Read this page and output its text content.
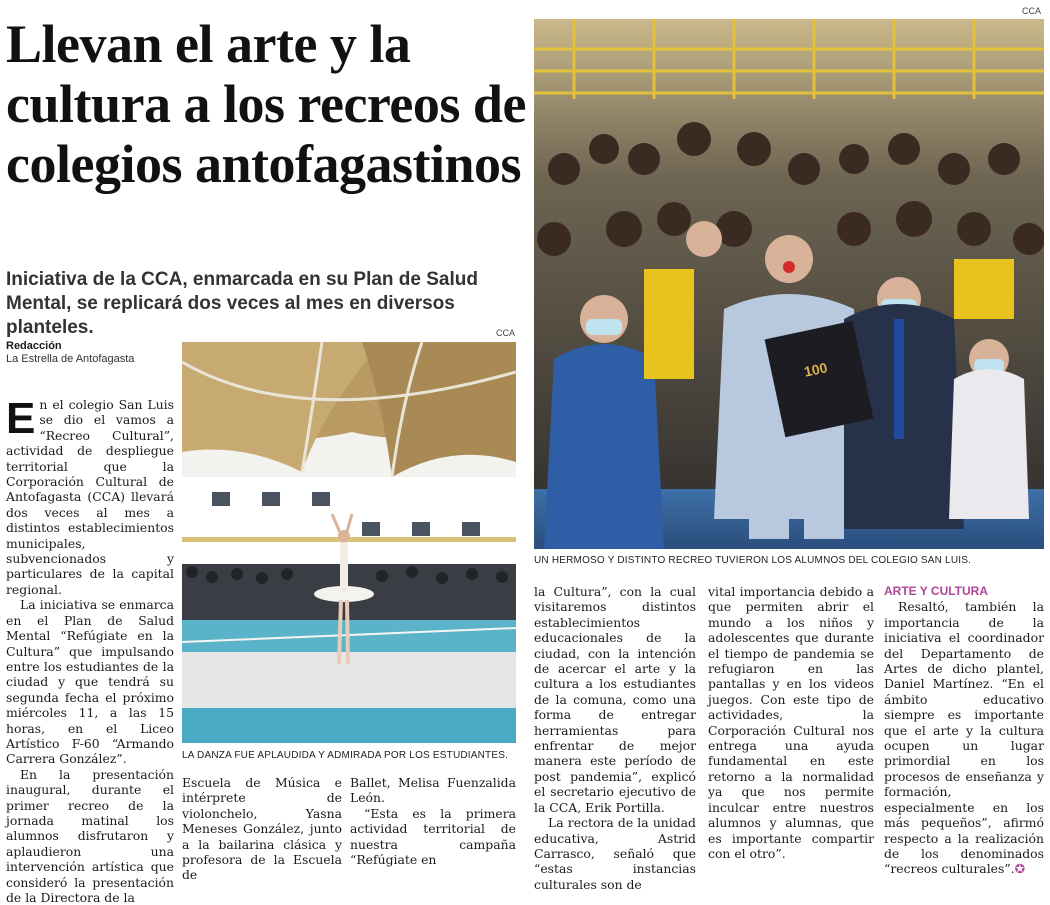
Llevan el arte y la cultura a los recreos de colegios antofagastinos
Iniciativa de la CCA, enmarcada en su Plan de Salud Mental, se replicará dos veces al mes en diversos planteles.
Redacción
La Estrella de Antofagasta
CCA
100
UN HERMOSO Y DISTINTO RECREO TUVIERON LOS ALUMNOS DEL COLEGIO SAN LUIS.
CCA
LA DANZA FUE APLAUDIDA Y ADMIRADA POR LOS ESTUDIANTES.

En el colegio San Luis se dio el vamos a “Recreo Cultural”, actividad de despliegue territorial que la Corporación Cultural de Antofagasta (CCA) llevará dos veces al mes a distintos establecimientos municipales, subvencionados y particulares de la capital regional.

La iniciativa se enmarca en el Plan de Salud Mental “Refúgiate en la Cultura” que impulsando entre los estudiantes de la ciudad y que tendrá su segunda fecha el próximo miércoles 11, a las 15 horas, en el Liceo Artístico F-60 “Armando Carrera González”.

En la presentación inaugural, durante el primer recreo de la jornada matinal los alumnos disfrutaron y aplaudieron una intervención artística que consideró la presentación de la Directora de la

Escuela de Música e intérprete de violonchelo, Yasna Meneses González, junto a la bailarina clásica y profesora de la Escuela de

Ballet, Melisa Fuenzalida León.

“Esta es la primera actividad territorial de nuestra campaña “Refúgiate en

la Cultura”, con la cual visitaremos distintos establecimientos educacionales de la ciudad, con la intención de acercar el arte y la cultura a los estudiantes de la comuna, como una forma de entregar herramientas para enfrentar de mejor manera este período de post pandemia”, explicó el secretario ejecutivo de la CCA, Erik Portilla.

La rectora de la unidad educativa, Astrid Carrasco, señaló que “estas instancias culturales son de

vital importancia debido a que permiten abrir el mundo a los niños y adolescentes que durante el tiempo de pandemia se refugiaron en las pantallas y en los videos juegos. Con este tipo de actividades, la Corporación Cultural nos entrega una ayuda fundamental en este retorno a la normalidad ya que nos permite inculcar entre nuestros alumnos y alumnas, que es importante compartir con el otro”.

ARTE Y CULTURA

Resaltó, también la importancia de la iniciativa el coordinador del Departamento de Artes de dicho plantel, Daniel Martínez. “En el ámbito educativo siempre es importante que el arte y la cultura ocupen un lugar primordial en los procesos de enseñanza y formación, especialmente en los más pequeños”, afirmó respecto a la realización de los denominados “recreos culturales”.✪
